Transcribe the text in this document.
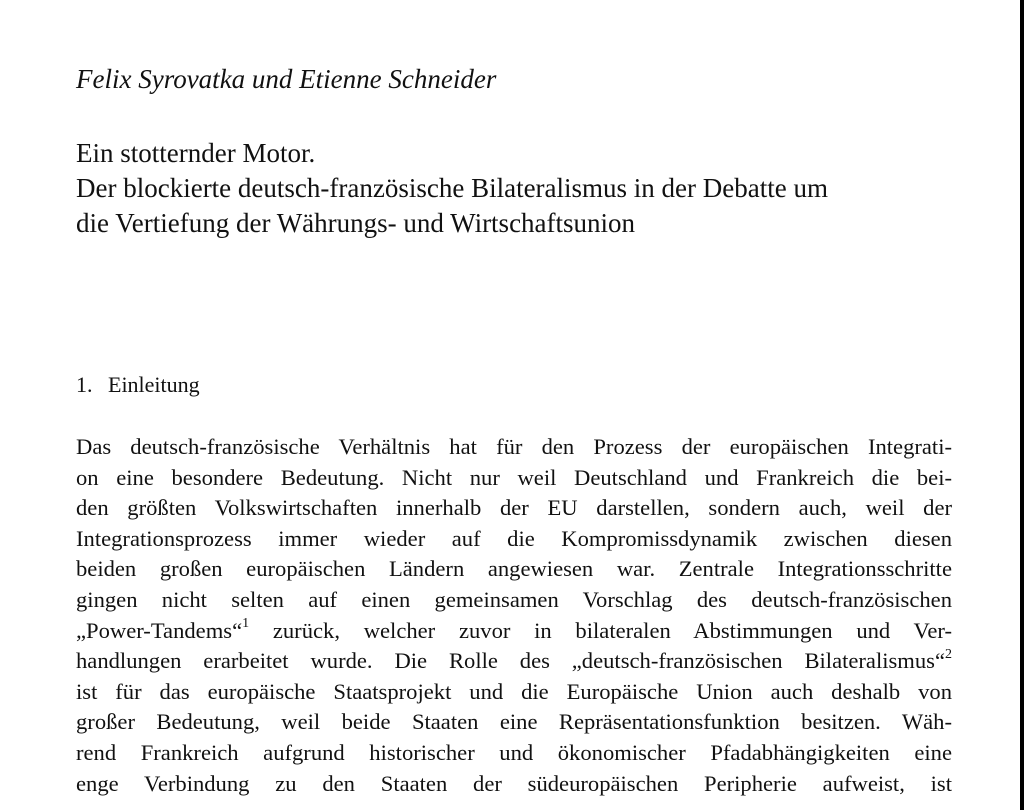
Felix Syrovatka und Etienne Schneider
Ein stotternder Motor.
Der blockierte deutsch-französische Bilateralismus in der Debatte um
die Vertiefung der Währungs- und Wirtschaftsunion
1. Einleitung
Das deutsch-französische Verhältnis hat für den Prozess der europäischen Integrati-
on eine besondere Bedeutung. Nicht nur weil Deutschland und Frankreich die bei-
den größten Volkswirtschaften innerhalb der EU darstellen, sondern auch, weil der
Integrationsprozess immer wieder auf die Kompromissdynamik zwischen diesen
beiden großen europäischen Ländern angewiesen war. Zentrale Integrationsschritte
gingen nicht selten auf einen gemeinsamen Vorschlag des deutsch-französischen
„Power-Tandems“$^1$ zurück, welcher zuvor in bilateralen Abstimmungen und Ver-
handlungen erarbeitet wurde. Die Rolle des „deutsch-französischen Bilateralismus“$^2$
ist für das europäische Staatsprojekt und die Europäische Union auch deshalb von
großer Bedeutung, weil beide Staaten eine Repräsentationsfunktion besitzen. Wäh-
rend Frankreich aufgrund historischer und ökonomischer Pfadabhängigkeiten eine
enge Verbindung zu den Staaten der südeuropäischen Peripherie aufweist, ist
